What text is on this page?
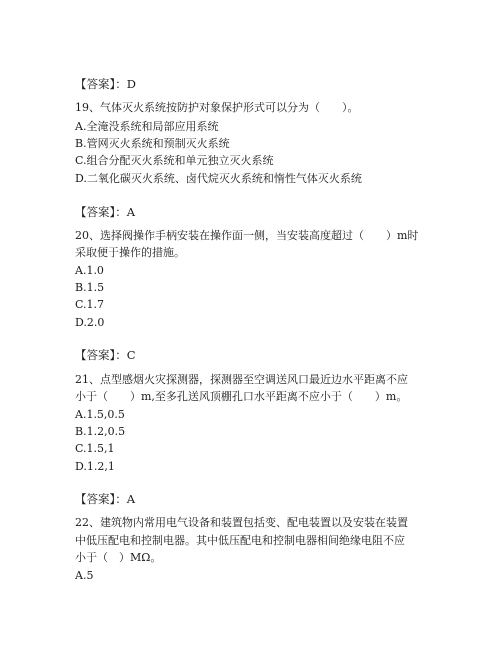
【答案】：D
19、气体灭火系统按防护对象保护形式可以分为（　　）。
A.全淹没系统和局部应用系统
B.管网灭火系统和预制灭火系统
C.组合分配灭火系统和单元独立灭火系统
D.二氧化碳灭火系统、卤代烷灭火系统和惰性气体灭火系统
【答案】：A
20、选择阀操作手柄安装在操作面一侧，当安装高度超过（　　）m时
采取便于操作的措施。
A.1.0
B.1.5
C.1.7
D.2.0
【答案】：C
21、点型感烟火灾探测器，探测器至空调送风口最近边水平距离不应
小于（　　）m,至多孔送风顶棚孔口水平距离不应小于（　　）m。
A.1.5,0.5
B.1.2,0.5
C.1.5,1
D.1.2,1
【答案】：A
22、建筑物内常用电气设备和装置包括变、配电装置以及安装在装置
中低压配电和控制电器。其中低压配电和控制电器相间绝缘电阻不应
小于（　）MΩ。
A.5
